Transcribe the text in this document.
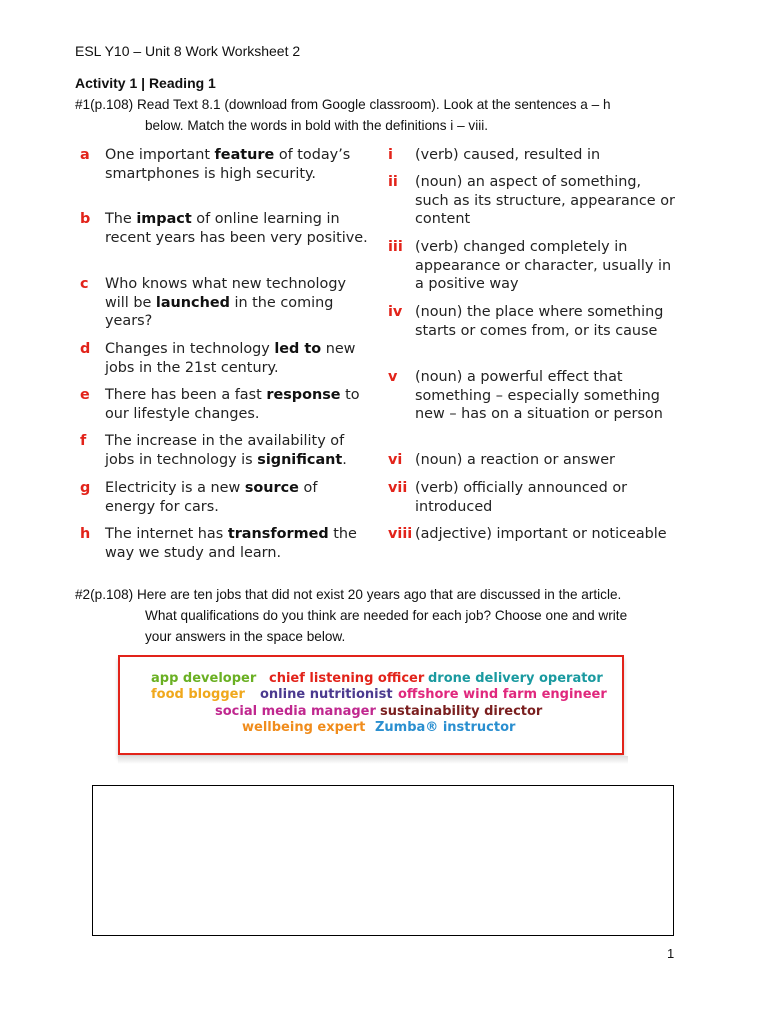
ESL Y10 – Unit 8 Work Worksheet 2
Activity 1 | Reading 1
#1(p.108) Read Text 8.1 (download from Google classroom). Look at the sentences a – h
below. Match the words in bold with the definitions i – viii.
a One important feature of today’s smartphones is high security.
b The impact of online learning in recent years has been very positive.
c Who knows what new technology will be launched in the coming years?
d Changes in technology led to new jobs in the 21st century.
e There has been a fast response to our lifestyle changes.
f The increase in the availability of jobs in technology is significant.
g Electricity is a new source of energy for cars.
h The internet has transformed the way we study and learn.
i (verb) caused, resulted in
ii (noun) an aspect of something, such as its structure, appearance or content
iii (verb) changed completely in appearance or character, usually in a positive way
iv (noun) the place where something starts or comes from, or its cause
v (noun) a powerful effect that something – especially something new – has on a situation or person
vi (noun) a reaction or answer
vii (verb) officially announced or introduced
viii (adjective) important or noticeable
#2(p.108) Here are ten jobs that did not exist 20 years ago that are discussed in the article.
What qualifications do you think are needed for each job? Choose one and write
your answers in the space below.
app developer chief listening officer drone delivery operator
food blogger online nutritionist offshore wind farm engineer
social media manager sustainability director
wellbeing expert Zumba® instructor
1
